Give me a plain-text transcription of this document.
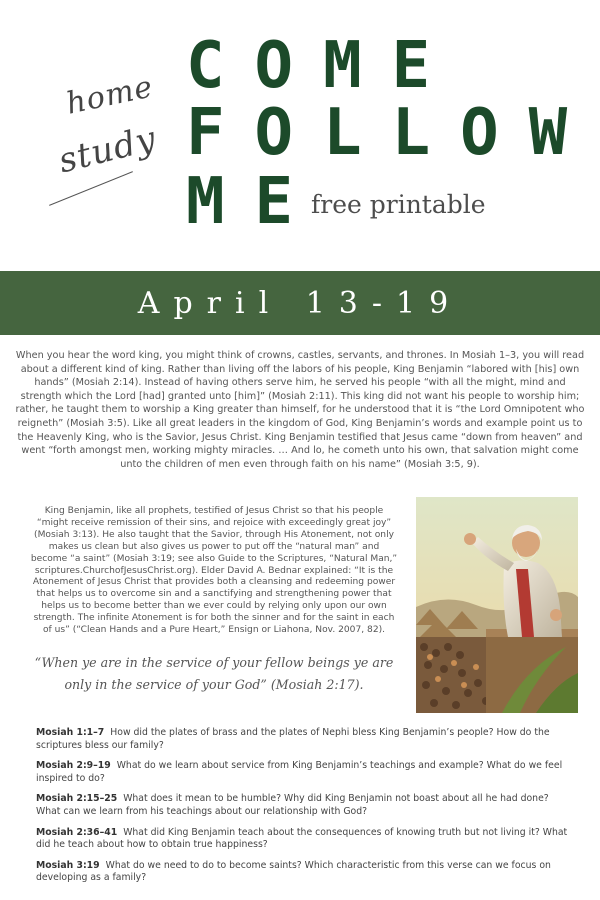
home
study
COME
FOLLOW
ME
free printable
April 13-19
When you hear the word king, you might think of crowns, castles, servants, and thrones. In Mosiah 1–3, you will read about a different kind of king. Rather than living off the labors of his people, King Benjamin “labored with [his] own hands” (Mosiah 2:14). Instead of having others serve him, he served his people “with all the might, mind and strength which the Lord [had] granted unto [him]” (Mosiah 2:11). This king did not want his people to worship him; rather, he taught them to worship a King greater than himself, for he understood that it is “the Lord Omnipotent who reigneth” (Mosiah 3:5). Like all great leaders in the kingdom of God, King Benjamin’s words and example point us to the Heavenly King, who is the Savior, Jesus Christ. King Benjamin testified that Jesus came “down from heaven” and went “forth amongst men, working mighty miracles. … And lo, he cometh unto his own, that salvation might come unto the children of men even through faith on his name” (Mosiah 3:5, 9).
King Benjamin, like all prophets, testified of Jesus Christ so that his people “might receive remission of their sins, and rejoice with exceedingly great joy” (Mosiah 3:13). He also taught that the Savior, through His Atonement, not only makes us clean but also gives us power to put off the “natural man” and become “a saint” (Mosiah 3:19; see also Guide to the Scriptures, “Natural Man,” scriptures.ChurchofJesusChrist.org). Elder David A. Bednar explained: “It is the Atonement of Jesus Christ that provides both a cleansing and redeeming power that helps us to overcome sin and a sanctifying and strengthening power that helps us to become better than we ever could by relying only upon our own strength. The infinite Atonement is for both the sinner and for the saint in each of us” (“Clean Hands and a Pure Heart,” Ensign or Liahona, Nov. 2007, 82).
“When ye are in the service of your fellow beings ye are only in the service of your God” (Mosiah 2:17).
Mosiah 1:1–7 How did the plates of brass and the plates of Nephi bless King Benjamin’s people? How do the scriptures bless our family?
Mosiah 2:9–19 What do we learn about service from King Benjamin’s teachings and example? What do we feel inspired to do?
Mosiah 2:15–25 What does it mean to be humble? Why did King Benjamin not boast about all he had done? What can we learn from his teachings about our relationship with God?
Mosiah 2:36–41 What did King Benjamin teach about the consequences of knowing truth but not living it? What did he teach about how to obtain true happiness?
Mosiah 3:19 What do we need to do to become saints? Which characteristic from this verse can we focus on developing as a family?
